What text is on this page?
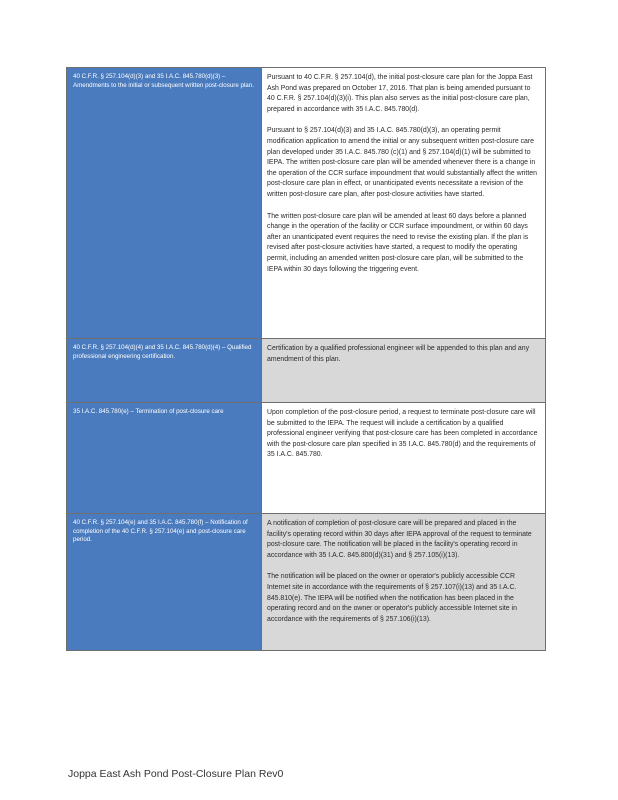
40 C.F.R. § 257.104(d)(3) and 35 I.A.C. 845.780(d)(3) – Amendments to the initial or subsequent written post-closure plan.

Pursuant to 40 C.F.R. § 257.104(d), the initial post-closure care plan for the Joppa East Ash Pond was prepared on October 17, 2016. That plan is being amended pursuant to 40 C.F.R. § 257.104(d)(3)(i). This plan also serves as the initial post-closure care plan, prepared in accordance with 35 I.A.C. 845.780(d).

Pursuant to § 257.104(d)(3) and 35 I.A.C. 845.780(d)(3), an operating permit modification application to amend the initial or any subsequent written post-closure care plan developed under 35 I.A.C. 845.780 (c)(1) and § 257.104(d)(1) will be submitted to IEPA. The written post-closure care plan will be amended whenever there is a change in the operation of the CCR surface impoundment that would substantially affect the written post-closure care plan in effect, or unanticipated events necessitate a revision of the written post-closure care plan, after post-closure activities have started.

The written post-closure care plan will be amended at least 60 days before a planned change in the operation of the facility or CCR surface impoundment, or within 60 days after an unanticipated event requires the need to revise the existing plan. If the plan is revised after post-closure activities have started, a request to modify the operating permit, including an amended written post-closure care plan, will be submitted to the IEPA within 30 days following the triggering event.

40 C.F.R. § 257.104(d)(4) and 35 I.A.C. 845.780(d)(4) – Qualified professional engineering certification.

Certification by a qualified professional engineer will be appended to this plan and any amendment of this plan.

35 I.A.C. 845.780(e) – Termination of post-closure care	Upon completion of the post-closure period, a request to terminate post-closure care will be submitted to the IEPA. The request will include a certification by a qualified professional engineer verifying that post-closure care has been completed in accordance with the post-closure care plan specified in 35 I.A.C. 845.780(d) and the requirements of 35 I.A.C. 845.780.

40 C.F.R. § 257.104(e) and 35 I.A.C. 845.780(f) – Notification of completion of the 40 C.F.R. § 257.104(e) and post-closure care period.

A notification of completion of post-closure care will be prepared and placed in the facility's operating record within 30 days after IEPA approval of the request to terminate post-closure care. The notification will be placed in the facility's operating record in accordance with 35 I.A.C. 845.800(d)(31) and § 257.105(i)(13).

The notification will be placed on the owner or operator's publicly accessible CCR Internet site in accordance with the requirements of § 257.107(i)(13) and 35 I.A.C. 845.810(e). The IEPA will be notified when the notification has been placed in the operating record and on the owner or operator's publicly accessible Internet site in accordance with the requirements of § 257.106(i)(13).

Joppa East Ash Pond Post-Closure Plan Rev0
